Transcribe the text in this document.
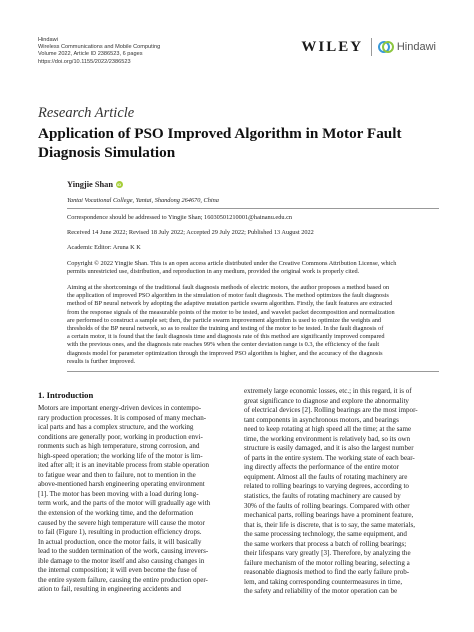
Hindawi
Wireless Communications and Mobile Computing
Volume 2022, Article ID 2386523, 6 pages
https://doi.org/10.1155/2022/2386523
WILEY	Hindawi
Research Article
Application of PSO Improved Algorithm in Motor Fault
Diagnosis Simulation
Yingjie Shan
iD
Yantai Vocational College, Yantai, Shandong 264670, China
Correspondence should be addressed to Yingjie Shan; 16030501210001@hainanu.edu.cn
Received 14 June 2022; Revised 18 July 2022; Accepted 29 July 2022; Published 13 August 2022
Academic Editor: Aruna K K
Copyright © 2022 Yingjie Shan. This is an open access article distributed under the Creative Commons Attribution License, which
permits unrestricted use, distribution, and reproduction in any medium, provided the original work is properly cited.
Aiming at the shortcomings of the traditional fault diagnosis methods of electric motors, the author proposes a method based on
the application of improved PSO algorithm in the simulation of motor fault diagnosis. The method optimizes the fault diagnosis
method of BP neural network by adopting the adaptive mutation particle swarm algorithm. Firstly, the fault features are extracted
from the response signals of the measurable points of the motor to be tested, and wavelet packet decomposition and normalization
are performed to construct a sample set; then, the particle swarm improvement algorithm is used to optimize the weights and
thresholds of the BP neural network, so as to realize the training and testing of the motor to be tested. In the fault diagnosis of
a certain motor, it is found that the fault diagnosis time and diagnosis rate of this method are significantly improved compared
with the previous ones, and the diagnosis rate reaches 99% when the center deviation range is 0.3, the efficiency of the fault
diagnosis model for parameter optimization through the improved PSO algorithm is higher, and the accuracy of the diagnosis
results is further improved.
1. Introduction
Motors are important energy-driven devices in contempo-
rary production processes. It is composed of many mechan-
ical parts and has a complex structure, and the working
conditions are generally poor, working in production envi-
ronments such as high temperature, strong corrosion, and
high-speed operation; the working life of the motor is lim-
ited after all; it is an inevitable process from stable operation
to fatigue wear and then to failure, not to mention in the
above-mentioned harsh engineering operating environment
[1]. The motor has been moving with a load during long-
term work, and the parts of the motor will gradually age with
the extension of the working time, and the deformation
caused by the severe high temperature will cause the motor
to fail (Figure 1), resulting in production efficiency drops.
In actual production, once the motor fails, it will basically
lead to the sudden termination of the work, causing irrevers-
ible damage to the motor itself and also causing changes in
the internal composition; it will even become the fuse of
the entire system failure, causing the entire production oper-
ation to fail, resulting in engineering accidents and
extremely large economic losses, etc.; in this regard, it is of
great significance to diagnose and explore the abnormality
of electrical devices [2]. Rolling bearings are the most impor-
tant components in asynchronous motors, and bearings
need to keep rotating at high speed all the time; at the same
time, the working environment is relatively bad, so its own
structure is easily damaged, and it is also the largest number
of parts in the entire system. The working state of each bear-
ing directly affects the performance of the entire motor
equipment. Almost all the faults of rotating machinery are
related to rolling bearings to varying degrees, according to
statistics, the faults of rotating machinery are caused by
30% of the faults of rolling bearings. Compared with other
mechanical parts, rolling bearings have a prominent feature,
that is, their life is discrete, that is to say, the same materials,
the same processing technology, the same equipment, and
the same workers that process a batch of rolling bearings;
their lifespans vary greatly [3]. Therefore, by analyzing the
failure mechanism of the motor rolling bearing, selecting a
reasonable diagnosis method to find the early failure prob-
lem, and taking corresponding countermeasures in time,
the safety and reliability of the motor operation can be
